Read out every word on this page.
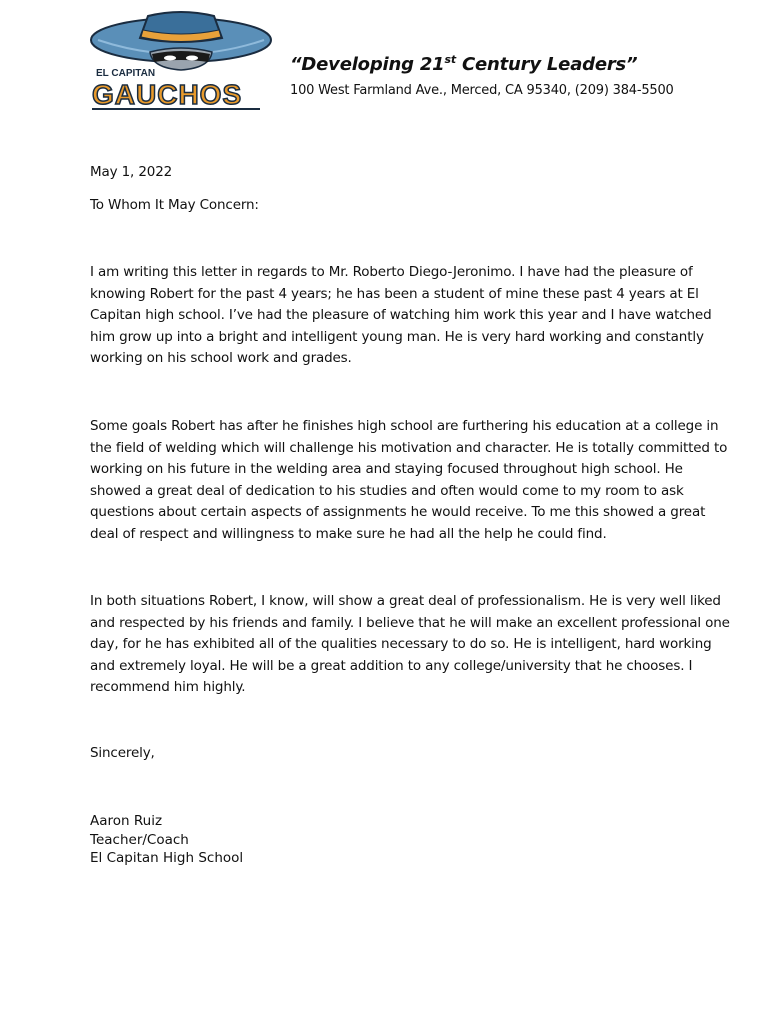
EL CAPITAN
GAUCHOS
“Developing 21st Century Leaders”
100 West Farmland Ave., Merced, CA 95340, (209) 384-5500
May 1, 2022
To Whom It May Concern:
I am writing this letter in regards to Mr. Roberto Diego-Jeronimo. I have had the pleasure of
knowing Robert for the past 4 years; he has been a student of mine these past 4 years at El
Capitan high school. I’ve had the pleasure of watching him work this year and I have watched
him grow up into a bright and intelligent young man. He is very hard working and constantly
working on his school work and grades.
Some goals Robert has after he finishes high school are furthering his education at a college in
the field of welding which will challenge his motivation and character. He is totally committed to
working on his future in the welding area and staying focused throughout high school. He
showed a great deal of dedication to his studies and often would come to my room to ask
questions about certain aspects of assignments he would receive. To me this showed a great
deal of respect and willingness to make sure he had all the help he could find.
In both situations Robert, I know, will show a great deal of professionalism. He is very well liked
and respected by his friends and family. I believe that he will make an excellent professional one
day, for he has exhibited all of the qualities necessary to do so. He is intelligent, hard working
and extremely loyal. He will be a great addition to any college/university that he chooses. I
recommend him highly.
Sincerely,
Aaron Ruiz
Teacher/Coach
El Capitan High School
